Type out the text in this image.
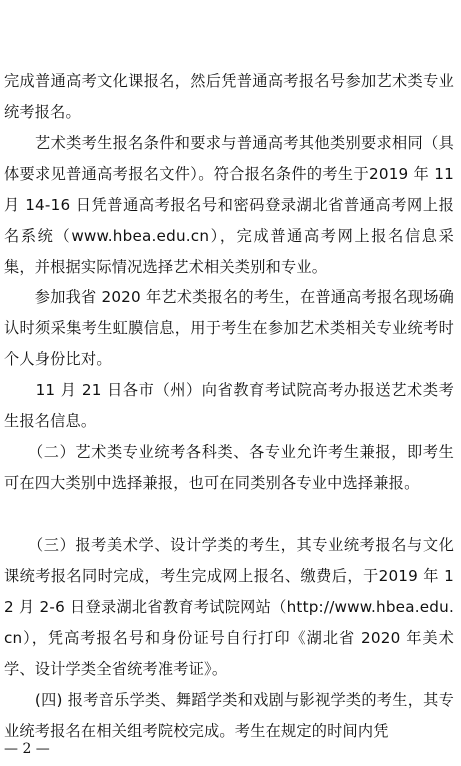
完成普通高考文化课报名，然后凭普通高考报名号参加艺术类专业统考报名。
　　艺术类考生报名条件和要求与普通高考其他类别要求相同（具体要求见普通高考报名文件）。符合报名条件的考生于2019 年 11 月 14-16 日凭普通高考报名号和密码登录湖北省普通高考网上报名系统（www.hbea.edu.cn），完成普通高考网上报名信息采集，并根据实际情况选择艺术相关类别和专业。
　　参加我省 2020 年艺术类报名的考生，在普通高考报名现场确认时须采集考生虹膜信息，用于考生在参加艺术类相关专业统考时个人身份比对。
　　11 月 21 日各市（州）向省教育考试院高考办报送艺术类考生报名信息。
　　（二）艺术类专业统考各科类、各专业允许考生兼报，即考生可在四大类别中选择兼报，也可在同类别各专业中选择兼报。
　　（三）报考美术学、设计学类的考生，其专业统考报名与文化课统考报名同时完成，考生完成网上报名、缴费后，于2019 年 12 月 2-6 日登录湖北省教育考试院网站（http://www.hbea.edu.cn），凭高考报名号和身份证号自行打印《湖北省 2020 年美术学、设计学类全省统考准考证》。
　　(四) 报考音乐学类、舞蹈学类和戏剧与影视学类的考生，其专业统考报名在相关组考院校完成。考生在规定的时间内凭
— 2 —
